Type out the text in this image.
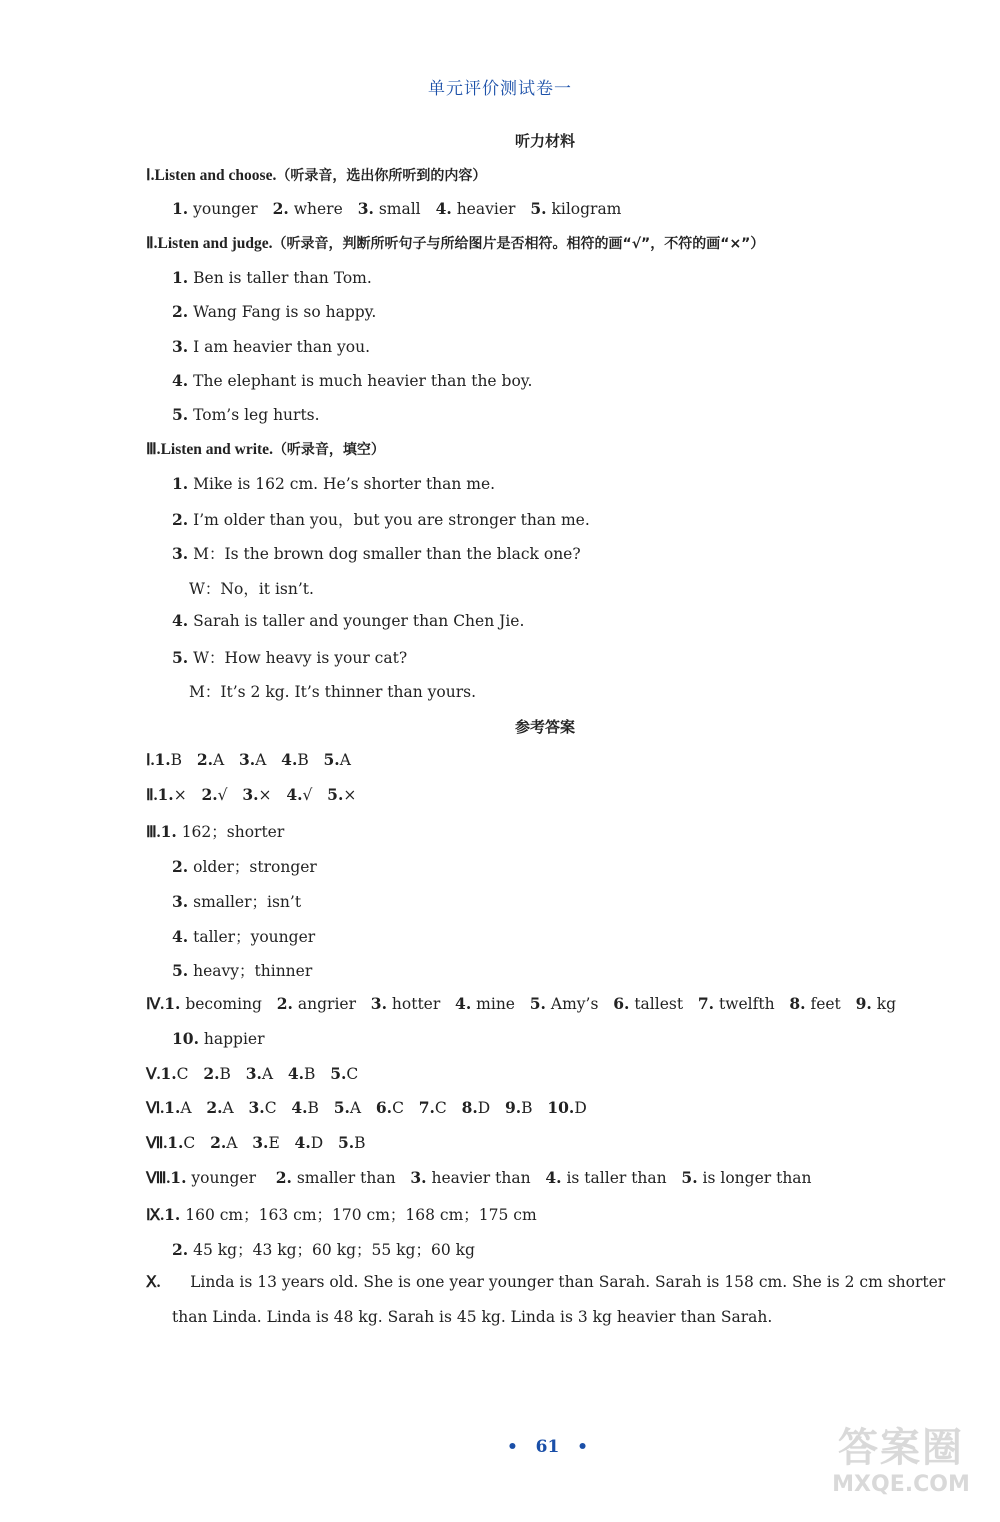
单元评价测试卷一
听力材料
Ⅰ.Listen and choose.（听录音，选出你所听到的内容）
1. younger 2. where 3. small 4. heavier 5. kilogram
Ⅱ.Listen and judge.（听录音，判断所听句子与所给图片是否相符。相符的画“√”，不符的画“×”）
1. Ben is taller than Tom.
2. Wang Fang is so happy.
3. I am heavier than you.
4. The elephant is much heavier than the boy.
5. Tom’s leg hurts.
Ⅲ.Listen and write.（听录音，填空）
1. Mike is 162 cm. He’s shorter than me.
2. I’m older than you，but you are stronger than me.
3. M：Is the brown dog smaller than the black one?
W：No，it isn’t.
4. Sarah is taller and younger than Chen Jie.
5. W：How heavy is your cat?
M：It’s 2 kg. It’s thinner than yours.
参考答案
Ⅰ.1.B 2.A 3.A 4.B 5.A
Ⅱ.1.× 2.√ 3.× 4.√ 5.×
Ⅲ.1. 162；shorter
2. older；stronger
3. smaller；isn’t
4. taller；younger
5. heavy；thinner
Ⅳ.1. becoming 2. angrier 3. hotter 4. mine 5. Amy’s 6. tallest 7. twelfth 8. feet 9. kg
10. happier
Ⅴ.1.C 2.B 3.A 4.B 5.C
Ⅵ.1.A 2.A 3.C 4.B 5.A 6.C 7.C 8.D 9.B 10.D
Ⅶ.1.C 2.A 3.E 4.D 5.B
Ⅷ.1. younger 2. smaller than 3. heavier than 4. is taller than 5. is longer than
Ⅸ.1. 160 cm；163 cm；170 cm；168 cm；175 cm
2. 45 kg；43 kg；60 kg；55 kg；60 kg
Ⅹ. Linda is 13 years old. She is one year younger than Sarah. Sarah is 158 cm. She is 2 cm shorter
than Linda. Linda is 48 kg. Sarah is 45 kg. Linda is 3 kg heavier than Sarah.
•   61   •	答案圈
MXQE.COM
